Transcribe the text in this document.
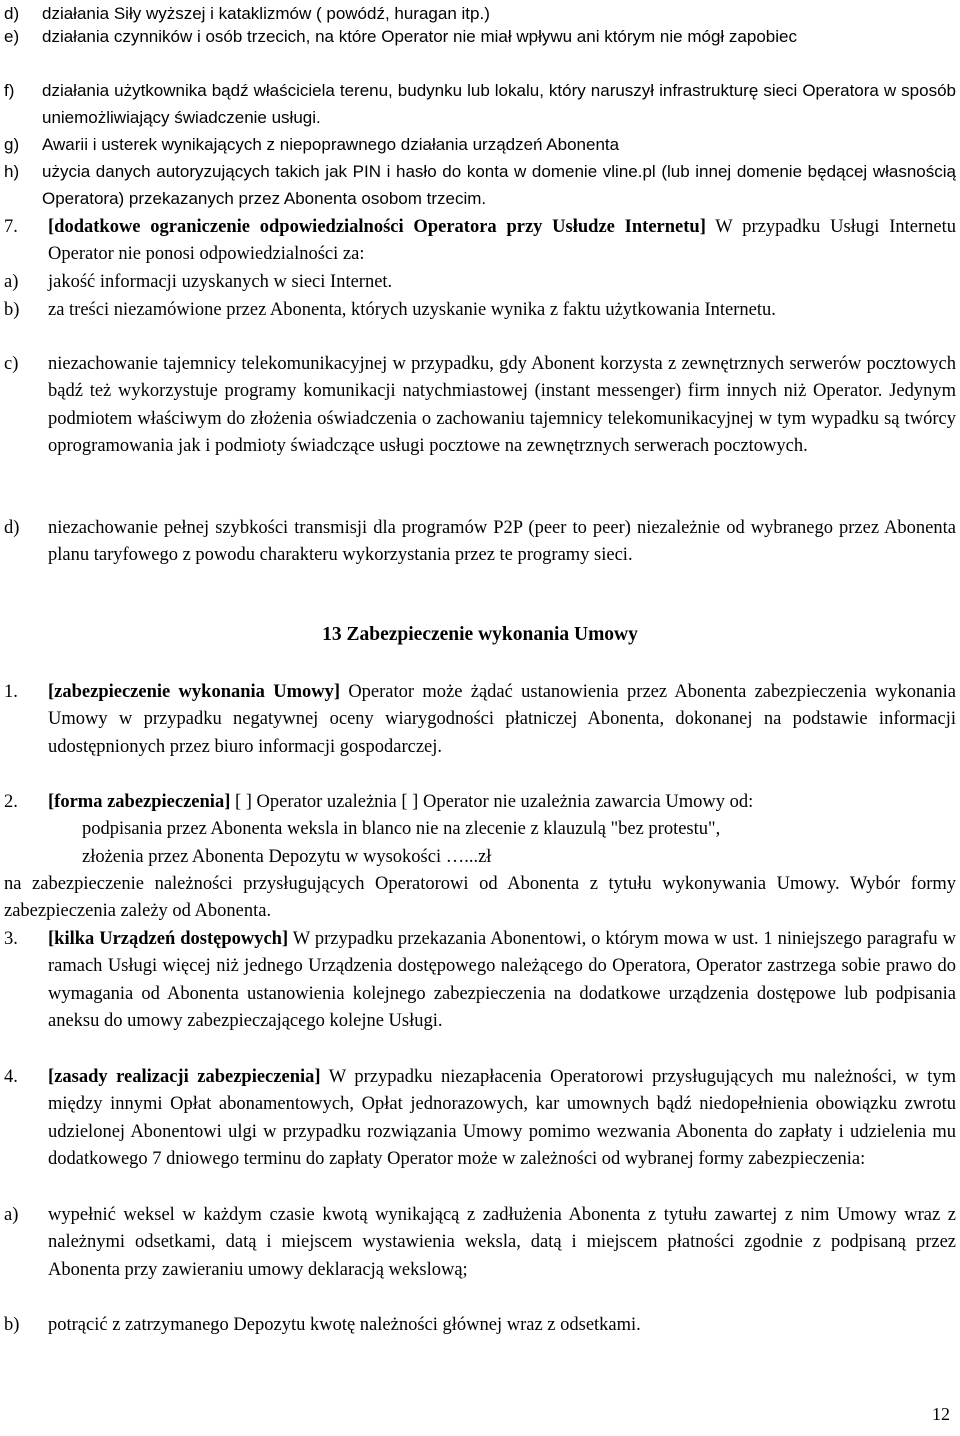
d)	działania Siły wyższej i kataklizmów ( powódź, huragan itp.)
e)	działania czynników i osób trzecich, na które Operator nie miał wpływu ani którym nie mógł zapobiec
f)	działania użytkownika bądź właściciela terenu, budynku lub lokalu, który naruszył infrastrukturę sieci Operatora w sposób uniemożliwiający świadczenie usługi.
g)	Awarii i usterek wynikających z niepoprawnego działania urządzeń Abonenta
h)	użycia danych autoryzujących takich jak PIN i hasło do konta w domenie vline.pl (lub innej domenie będącej własnością Operatora) przekazanych przez Abonenta osobom trzecim.
7.	[dodatkowe ograniczenie odpowiedzialności Operatora przy Usłudze Internetu] W przypadku Usługi Internetu Operator nie ponosi odpowiedzialności za:
a)	jakość informacji uzyskanych w sieci Internet.
b)	za treści niezamówione przez Abonenta, których uzyskanie wynika z faktu użytkowania Internetu.
c)	niezachowanie tajemnicy telekomunikacyjnej w przypadku, gdy Abonent korzysta z zewnętrznych serwerów pocztowych bądź też wykorzystuje programy komunikacji natychmiastowej (instant messenger) firm innych niż Operator. Jedynym podmiotem właściwym do złożenia oświadczenia o zachowaniu tajemnicy telekomunikacyjnej w tym wypadku są twórcy oprogramowania jak i podmioty świadczące usługi pocztowe na zewnętrznych serwerach pocztowych.
d)	niezachowanie pełnej szybkości transmisji dla programów P2P (peer to peer) niezależnie od wybranego przez Abonenta planu taryfowego z powodu charakteru wykorzystania przez te programy sieci.
13 Zabezpieczenie wykonania Umowy
1.	[zabezpieczenie wykonania Umowy] Operator może żądać ustanowienia przez Abonenta zabezpieczenia wykonania Umowy w przypadku negatywnej oceny wiarygodności płatniczej Abonenta, dokonanej na podstawie informacji udostępnionych przez biuro informacji gospodarczej.
2.	[forma zabezpieczenia] [ ] Operator uzależnia [ ] Operator nie uzależnia zawarcia Umowy od:
podpisania przez Abonenta weksla in blanco nie na zlecenie z klauzulą "bez protestu",
złożenia przez Abonenta Depozytu w wysokości …...zł
na zabezpieczenie należności przysługujących Operatorowi od Abonenta z tytułu wykonywania Umowy. Wybór formy zabezpieczenia zależy od Abonenta.
3.	[kilka Urządzeń dostępowych] W przypadku przekazania Abonentowi, o którym mowa w ust. 1 niniejszego paragrafu w ramach Usługi więcej niż jednego Urządzenia dostępowego należącego do Operatora, Operator zastrzega sobie prawo do wymagania od Abonenta ustanowienia kolejnego zabezpieczenia na dodatkowe urządzenia dostępowe lub podpisania aneksu do umowy zabezpieczającego kolejne Usługi.
4.	[zasady realizacji zabezpieczenia] W przypadku niezapłacenia Operatorowi przysługujących mu należności, w tym między innymi Opłat abonamentowych, Opłat jednorazowych, kar umownych bądź niedopełnienia obowiązku zwrotu udzielonej Abonentowi ulgi w przypadku rozwiązania Umowy pomimo wezwania Abonenta do zapłaty i udzielenia mu dodatkowego 7 dniowego terminu do zapłaty Operator może w zależności od wybranej formy zabezpieczenia:
a)	wypełnić weksel w każdym czasie kwotą wynikającą z zadłużenia Abonenta z tytułu zawartej z nim Umowy wraz z należnymi odsetkami, datą i miejscem wystawienia weksla, datą i miejscem płatności zgodnie z podpisaną przez Abonenta przy zawieraniu umowy deklaracją wekslową;
b)	potrącić z zatrzymanego Depozytu kwotę należności głównej wraz z odsetkami.
12
